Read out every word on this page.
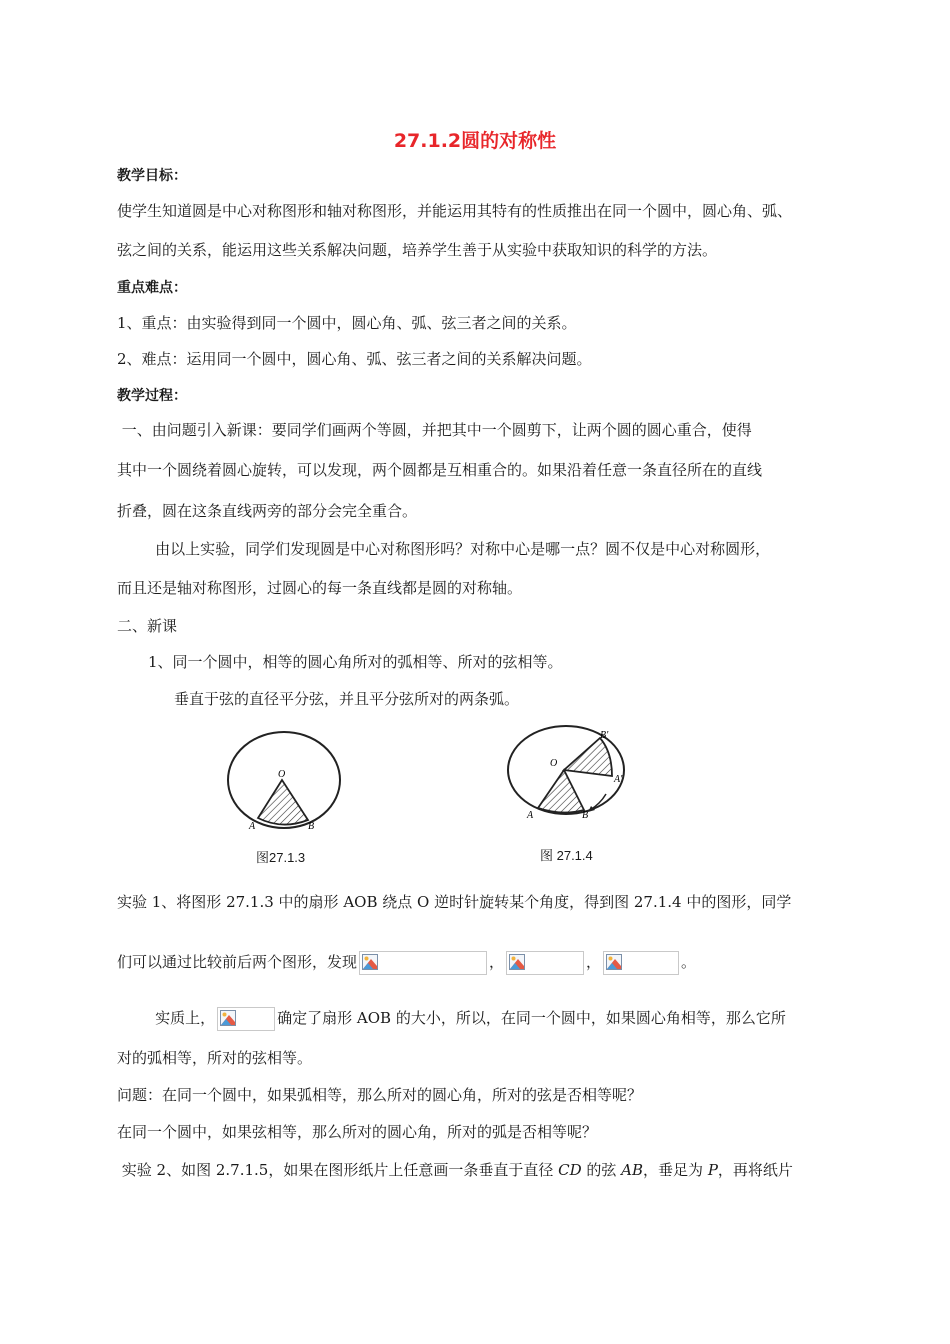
27.1.2圆的对称性
教学目标：
使学生知道圆是中心对称图形和轴对称图形，并能运用其特有的性质推出在同一个圆中，圆心角、弧、
弦之间的关系，能运用这些关系解决问题，培养学生善于从实验中获取知识的科学的方法。
重点难点：
1、重点：由实验得到同一个圆中，圆心角、弧、弦三者之间的关系。
2、难点：运用同一个圆中，圆心角、弧、弦三者之间的关系解决问题。
教学过程：
一、由问题引入新课：要同学们画两个等圆，并把其中一个圆剪下，让两个圆的圆心重合，使得
其中一个圆绕着圆心旋转，可以发现，两个圆都是互相重合的。如果沿着任意一条直径所在的直线
折叠，圆在这条直线两旁的部分会完全重合。
由以上实验，同学们发现圆是中心对称图形吗？对称中心是哪一点？圆不仅是中心对称圆形，
而且还是轴对称图形，过圆心的每一条直线都是圆的对称轴。
二、新课
1、同一个圆中，相等的圆心角所对的弧相等、所对的弦相等。
垂直于弦的直径平分弦，并且平分弦所对的两条弧。
O
A	B
图27.1.3
O
A	B
A'
B'
图 27.1.4
实验 1、将图形 27.1.3 中的扇形 AOB 绕点 O 逆时针旋转某个角度，得到图 27.1.4 中的图形，同学
们可以通过比较前后两个图形，发现	，	，	。
实质上，	确定了扇形 AOB 的大小，所以，在同一个圆中，如果圆心角相等，那么它所
对的弧相等，所对的弦相等。
问题：在同一个圆中，如果弧相等，那么所对的圆心角，所对的弦是否相等呢？
在同一个圆中，如果弦相等，那么所对的圆心角，所对的弧是否相等呢？
实验 2、如图 2.7.1.5，如果在图形纸片上任意画一条垂直于直径 CD 的弦 AB，垂足为 P，再将纸片
